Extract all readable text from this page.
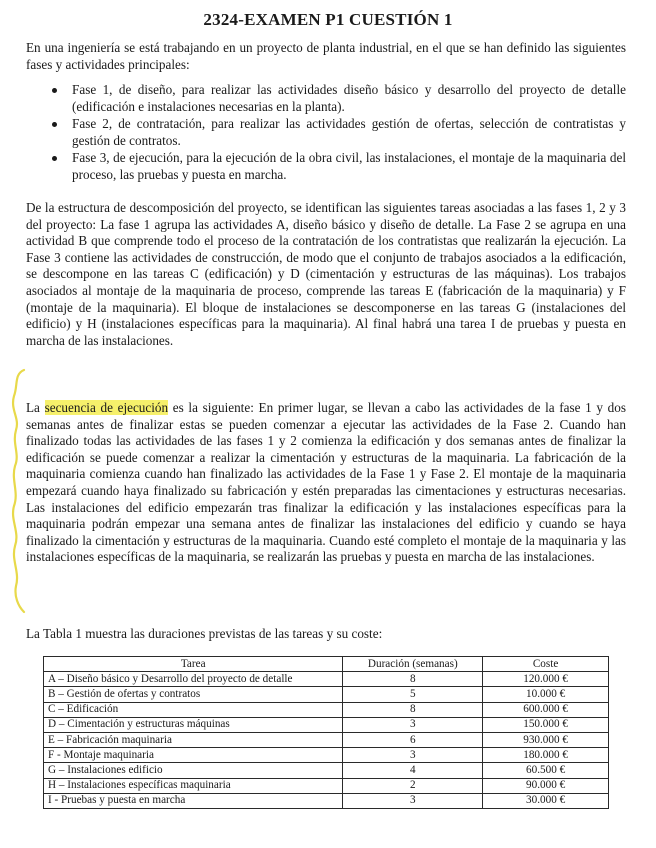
2324-EXAMEN P1 CUESTIÓN 1

En una ingeniería se está trabajando en un proyecto de planta industrial, en el que se han definido las siguientes fases y actividades principales:

Fase 1, de diseño, para realizar las actividades diseño básico y desarrollo del proyecto de detalle (edificación e instalaciones necesarias en la planta).
Fase 2, de contratación, para realizar las actividades gestión de ofertas, selección de contratistas y gestión de contratos.
Fase 3, de ejecución, para la ejecución de la obra civil, las instalaciones, el montaje de la maquinaria del proceso, las pruebas y puesta en marcha.

De la estructura de descomposición del proyecto, se identifican las siguientes tareas asociadas a las fases 1, 2 y 3 del proyecto: La fase 1 agrupa las actividades A, diseño básico y diseño de detalle. La Fase 2 se agrupa en una actividad B que comprende todo el proceso de la contratación de los contratistas que realizarán la ejecución. La Fase 3 contiene las actividades de construcción, de modo que el conjunto de trabajos asociados a la edificación, se descompone en las tareas C (edificación) y D (cimentación y estructuras de las máquinas). Los trabajos asociados al montaje de la maquinaria de proceso, comprende las tareas E (fabricación de la maquinaria) y F (montaje de la maquinaria). El bloque de instalaciones se descomponerse en las tareas G (instalaciones del edificio) y H (instalaciones específicas para la maquinaria). Al final habrá una tarea I de pruebas y puesta en marcha de las instalaciones.

La secuencia de ejecución es la siguiente: En primer lugar, se llevan a cabo las actividades de la fase 1 y dos semanas antes de finalizar estas se pueden comenzar a ejecutar las actividades de la Fase 2. Cuando han finalizado todas las actividades de las fases 1 y 2 comienza la edificación y dos semanas antes de finalizar la edificación se puede comenzar a realizar la cimentación y estructuras de la maquinaria. La fabricación de la maquinaria comienza cuando han finalizado las actividades de la Fase 1 y Fase 2. El montaje de la maquinaria empezará cuando haya finalizado su fabricación y estén preparadas las cimentaciones y estructuras necesarias. Las instalaciones del edificio empezarán tras finalizar la edificación y las instalaciones específicas para la maquinaria podrán empezar una semana antes de finalizar las instalaciones del edificio y cuando se haya finalizado la cimentación y estructuras de la maquinaria. Cuando esté completo el montaje de la maquinaria y las instalaciones específicas de la maquinaria, se realizarán las pruebas y puesta en marcha de las instalaciones.

La Tabla 1 muestra las duraciones previstas de las tareas y su coste:

Tarea	Duración (semanas)	Coste
A – Diseño básico y Desarrollo del proyecto de detalle	8	120.000 €
B – Gestión de ofertas y contratos	5	10.000 €
C – Edificación	8	600.000 €
D – Cimentación y estructuras máquinas	3	150.000 €
E – Fabricación maquinaria	6	930.000 €
F - Montaje maquinaria	3	180.000 €
G – Instalaciones edificio	4	60.500 €
H – Instalaciones específicas maquinaria	2	90.000 €
I - Pruebas y puesta en marcha	3	30.000 €
